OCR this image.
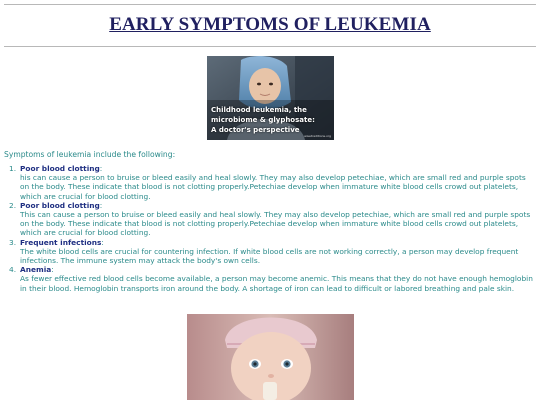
EARLY SYMPTOMS OF LEUKEMIA
Childhood leukemia, the
microbiome & glyphosate:
A doctor's perspective
wisetraditions.org

Symptoms of leukemia include the following:

1. Poor blood clotting:
his can cause a person to bruise or bleed easily and heal slowly. They may also develop petechiae, which are small red and purple spots on the body. These indicate that blood is not clotting properly.Petechiae develop when immature white blood cells crowd out platelets, which are crucial for blood clotting.
2. Poor blood clotting:
This can cause a person to bruise or bleed easily and heal slowly. They may also develop petechiae, which are small red and purple spots on the body. These indicate that blood is not clotting properly.Petechiae develop when immature white blood cells crowd out platelets, which are crucial for blood clotting.
3. Frequent infections:
The white blood cells are crucial for countering infection. If white blood cells are not working correctly, a person may develop frequent infections. The immune system may attack the body's own cells.
4. Anemia:
As fewer effective red blood cells become available, a person may become anemic. This means that they do not have enough hemoglobin in their blood. Hemoglobin transports iron around the body. A shortage of iron can lead to difficult or labored breathing and pale skin.
